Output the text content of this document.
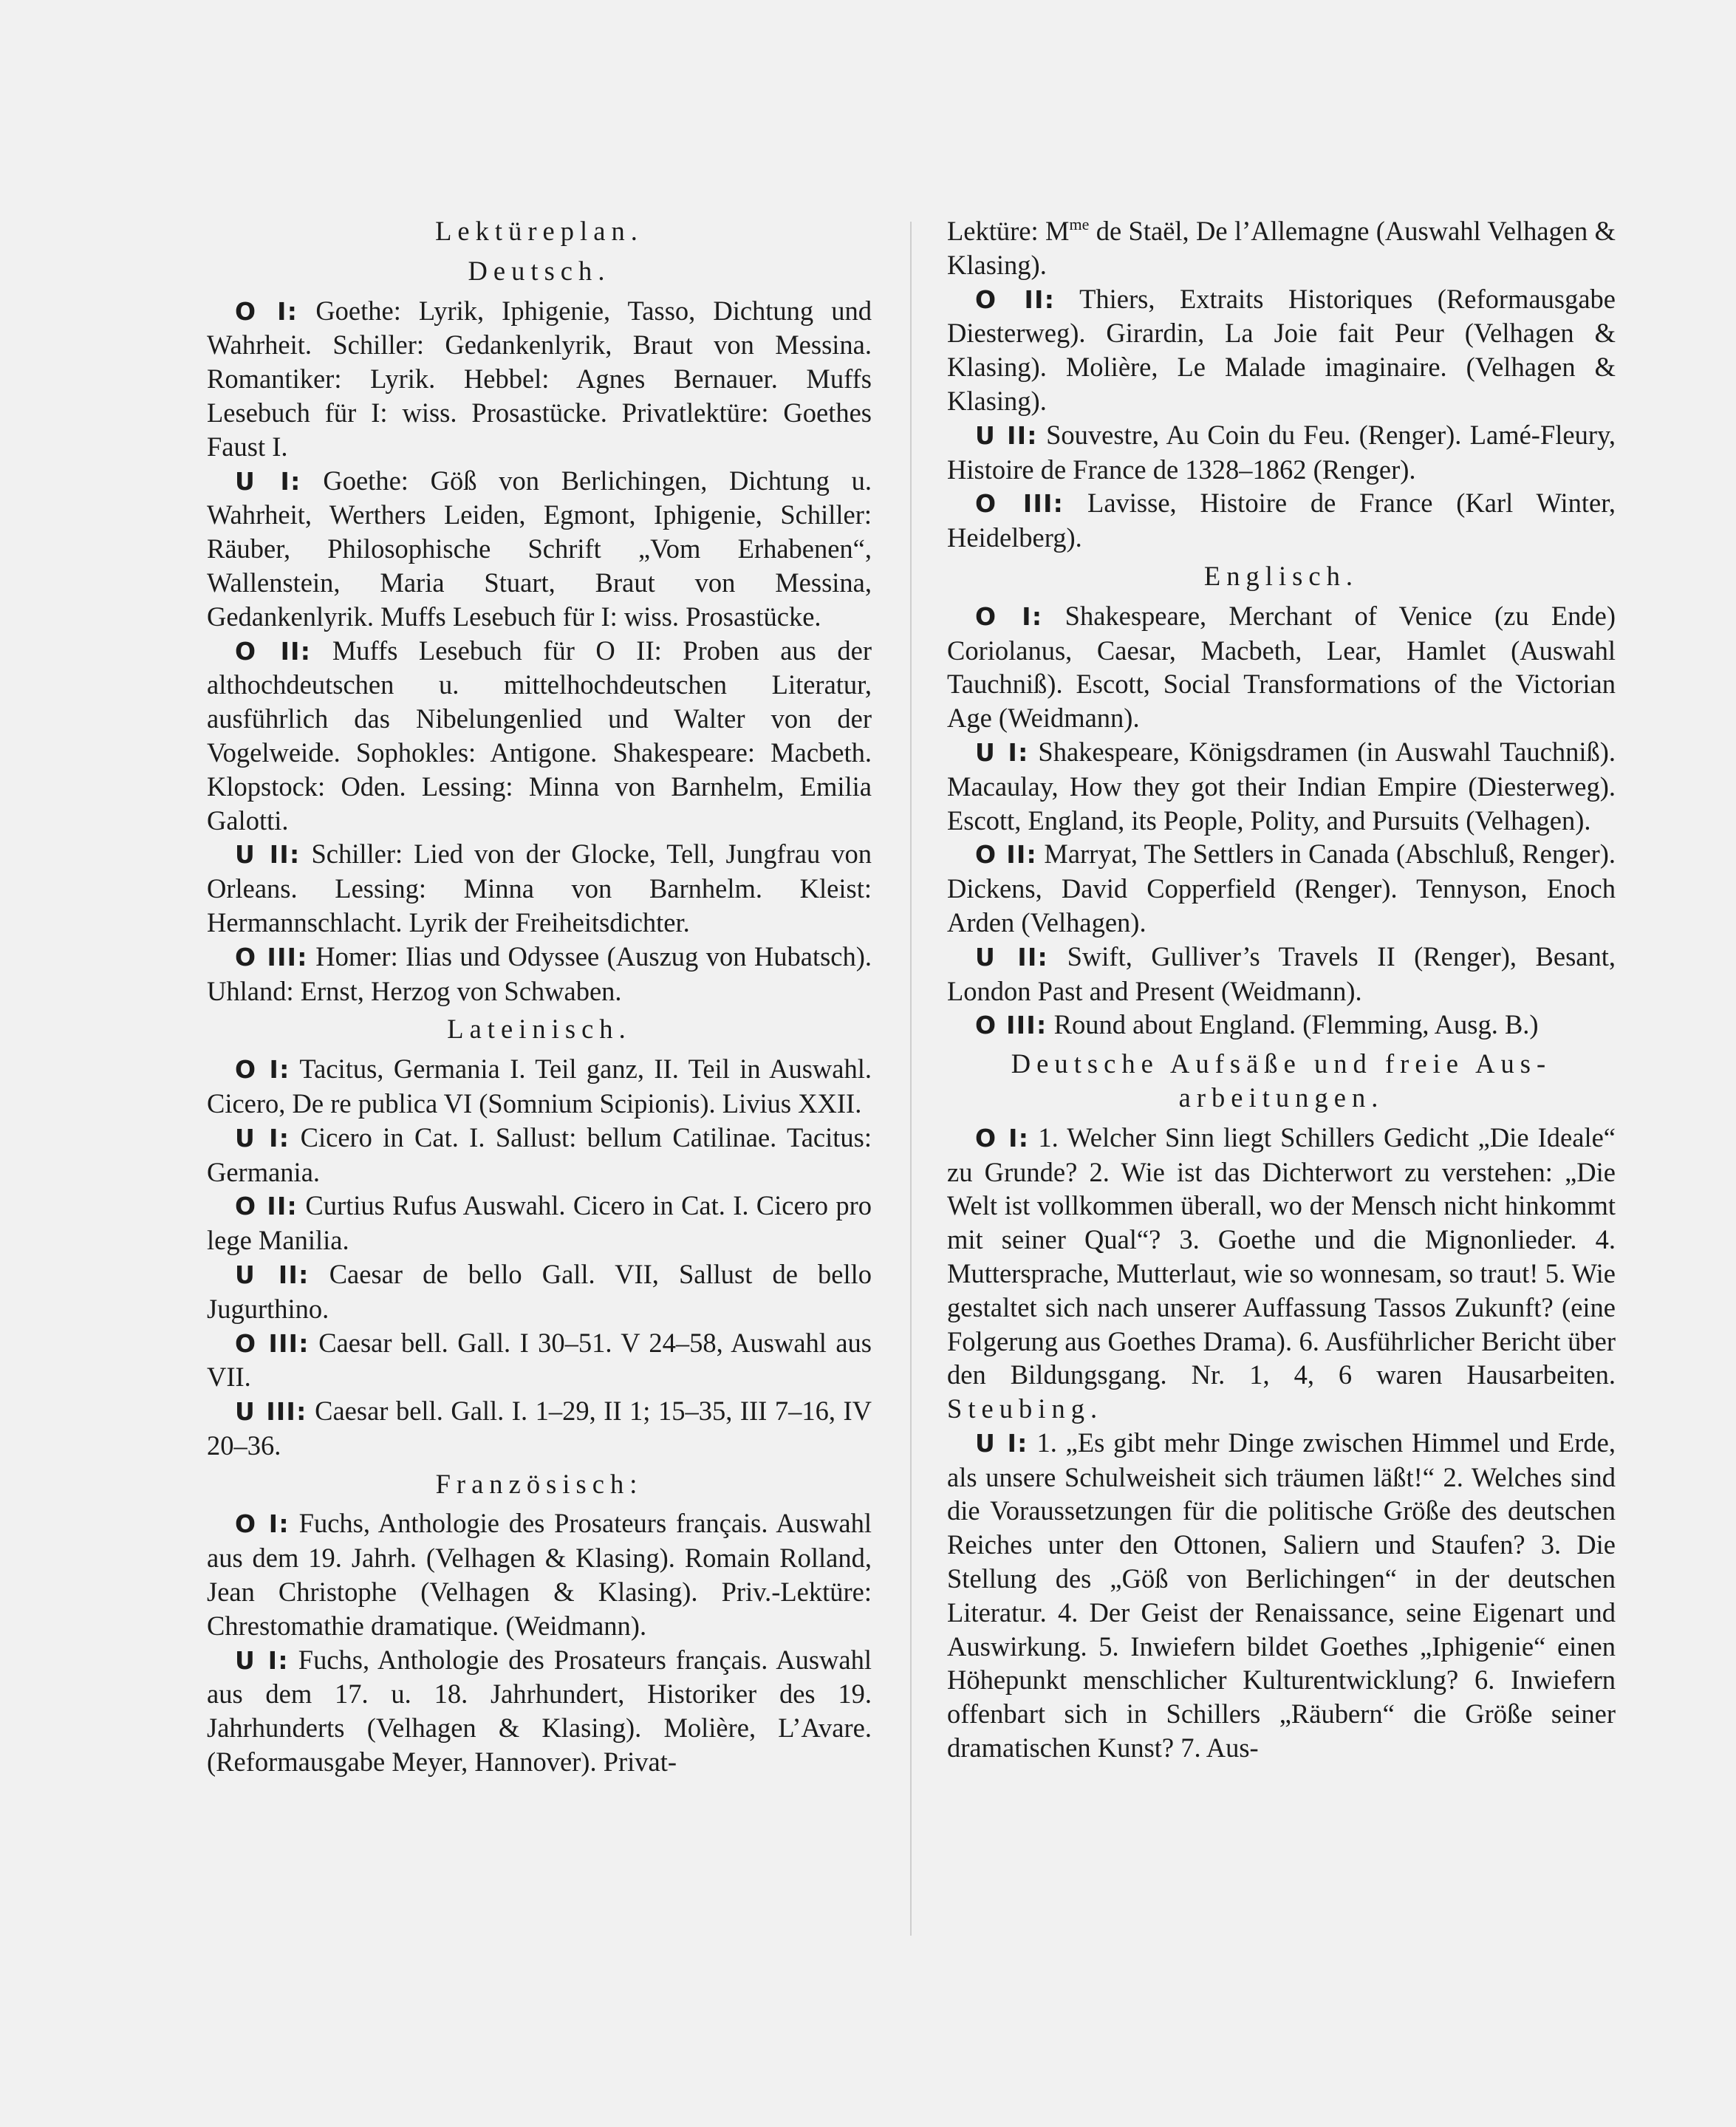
Lektüreplan.
Deutsch.

O I: Goethe: Lyrik, Iphigenie, Tasso, Dichtung und Wahrheit. Schiller: Gedankenlyrik, Braut von Messina. Romantiker: Lyrik. Hebbel: Agnes Bernauer. Muffs Lesebuch für I: wiss. Prosastücke. Privatlektüre: Goethes Faust I.

U I: Goethe: Göß von Berlichingen, Dichtung u. Wahrheit, Werthers Leiden, Egmont, Iphigenie, Schiller: Räuber, Philosophische Schrift „Vom Erhabenen“, Wallenstein, Maria Stuart, Braut von Messina, Gedankenlyrik. Muffs Lesebuch für I: wiss. Prosastücke.

O II: Muffs Lesebuch für O II: Proben aus der althochdeutschen u. mittelhochdeutschen Literatur, ausführlich das Nibelungenlied und Walter von der Vogelweide. Sophokles: Antigone. Shakespeare: Macbeth. Klopstock: Oden. Lessing: Minna von Barnhelm, Emilia Galotti.

U II: Schiller: Lied von der Glocke, Tell, Jungfrau von Orleans. Lessing: Minna von Barnhelm. Kleist: Hermannschlacht. Lyrik der Freiheitsdichter.

O III: Homer: Ilias und Odyssee (Auszug von Hubatsch). Uhland: Ernst, Herzog von Schwaben.

Lateinisch.

O I: Tacitus, Germania I. Teil ganz, II. Teil in Auswahl. Cicero, De re publica VI (Somnium Scipionis). Livius XXII.

U I: Cicero in Cat. I. Sallust: bellum Catilinae. Tacitus: Germania.

O II: Curtius Rufus Auswahl. Cicero in Cat. I. Cicero pro lege Manilia.

U II: Caesar de bello Gall. VII, Sallust de bello Jugurthino.

O III: Caesar bell. Gall. I 30–51. V 24–58, Auswahl aus VII.

U III: Caesar bell. Gall. I. 1–29, II 1; 15–35, III 7–16, IV 20–36.

Französisch:

O I: Fuchs, Anthologie des Prosateurs français. Auswahl aus dem 19. Jahrh. (Velhagen & Klasing). Romain Rolland, Jean Christophe (Velhagen & Klasing). Priv.-Lektüre: Chrestomathie dramatique. (Weidmann).

U I: Fuchs, Anthologie des Prosateurs français. Auswahl aus dem 17. u. 18. Jahrhundert, Historiker des 19. Jahrhunderts (Velhagen & Klasing). Molière, L’Avare. (Reformausgabe Meyer, Hannover). Privat-

Lektüre: $M^{me}$ de Staël, De l’Allemagne (Auswahl Velhagen & Klasing).

O II: Thiers, Extraits Historiques (Reformausgabe Diesterweg). Girardin, La Joie fait Peur (Velhagen & Klasing). Molière, Le Malade imaginaire. (Velhagen & Klasing).

U II: Souvestre, Au Coin du Feu. (Renger). Lamé-Fleury, Histoire de France de 1328–1862 (Renger).

O III: Lavisse, Histoire de France (Karl Winter, Heidelberg).

Englisch.

O I: Shakespeare, Merchant of Venice (zu Ende) Coriolanus, Caesar, Macbeth, Lear, Hamlet (Auswahl Tauchniß). Escott, Social Transformations of the Victorian Age (Weidmann).

U I: Shakespeare, Königsdramen (in Auswahl Tauchniß). Macaulay, How they got their Indian Empire (Diesterweg). Escott, England, its People, Polity, and Pursuits (Velhagen).

O II: Marryat, The Settlers in Canada (Abschluß, Renger). Dickens, David Copperfield (Renger). Tennyson, Enoch Arden (Velhagen).

U II: Swift, Gulliver’s Travels II (Renger), Besant, London Past and Present (Weidmann).

O III: Round about England. (Flemming, Ausg. B.)

Deutsche Aufsäße und freie Aus-
arbeitungen.

O I: 1. Welcher Sinn liegt Schillers Gedicht „Die Ideale“ zu Grunde? 2. Wie ist das Dichterwort zu verstehen: „Die Welt ist vollkommen überall, wo der Mensch nicht hinkommt mit seiner Qual“? 3. Goethe und die Mignonlieder. 4. Muttersprache, Mutterlaut, wie so wonnesam, so traut! 5. Wie gestaltet sich nach unserer Auffassung Tassos Zukunft? (eine Folgerung aus Goethes Drama). 6. Ausführlicher Bericht über den Bildungsgang. Nr. 1, 4, 6 waren Hausarbeiten. Steubing.

U I: 1. „Es gibt mehr Dinge zwischen Himmel und Erde, als unsere Schulweisheit sich träumen läßt!“ 2. Welches sind die Voraussetzungen für die politische Größe des deutschen Reiches unter den Ottonen, Saliern und Staufen? 3. Die Stellung des „Göß von Berlichingen“ in der deutschen Literatur. 4. Der Geist der Renaissance, seine Eigenart und Auswirkung. 5. Inwiefern bildet Goethes „Iphigenie“ einen Höhepunkt menschlicher Kulturentwicklung? 6. Inwiefern offenbart sich in Schillers „Räubern“ die Größe seiner dramatischen Kunst? 7. Aus-
